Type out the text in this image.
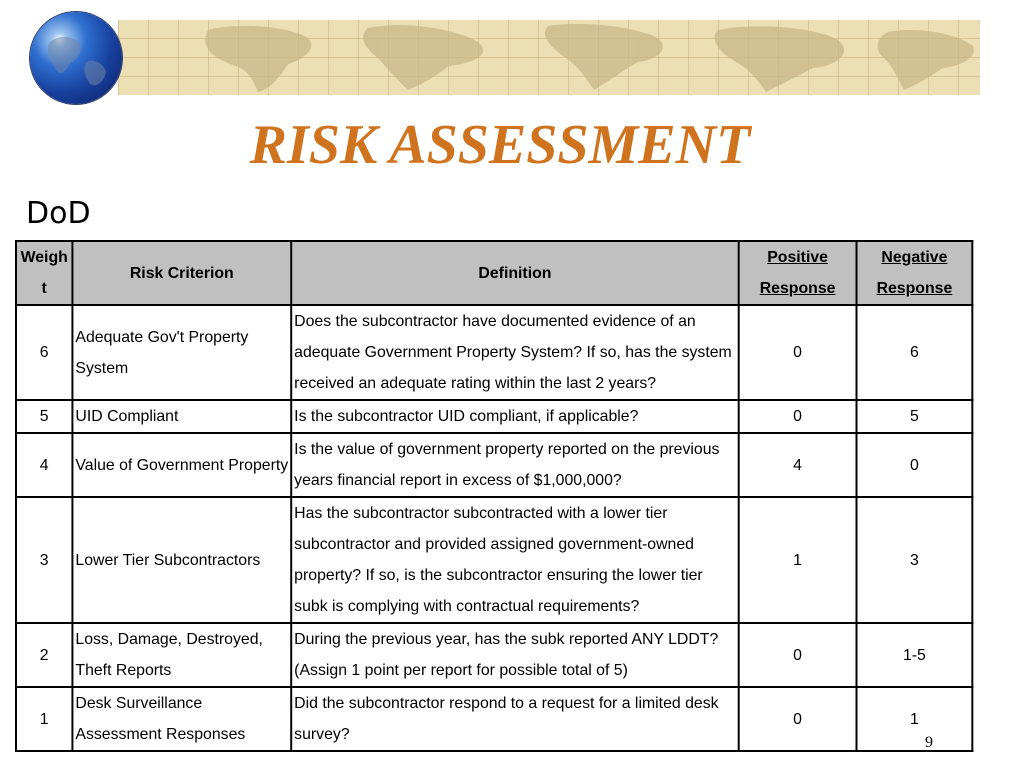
RISK ASSESSMENT
DoD
Weigh t	Risk Criterion	Definition	Positive Response	Negative Response
6	Adequate Gov't Property System	Does the subcontractor have documented evidence of an adequate Government Property System? If so, has the system received an adequate rating within the last 2 years?	0	6
5	UID Compliant	Is the subcontractor UID compliant, if applicable?	0	5
4	Value of Government Property	Is the value of government property reported on the previous years financial report in excess of $1,000,000?	4	0
3	Lower Tier Subcontractors	Has the subcontractor subcontracted with a lower tier subcontractor and provided assigned government-owned property? If so, is the subcontractor ensuring the lower tier subk is complying with contractual requirements?	1	3
2	Loss, Damage, Destroyed, Theft Reports	During the previous year, has the subk reported ANY LDDT? (Assign 1 point per report for possible total of 5)	0	1-5
1	Desk Surveillance Assessment Responses	Did the subcontractor respond to a request for a limited desk survey?	0	1
9
